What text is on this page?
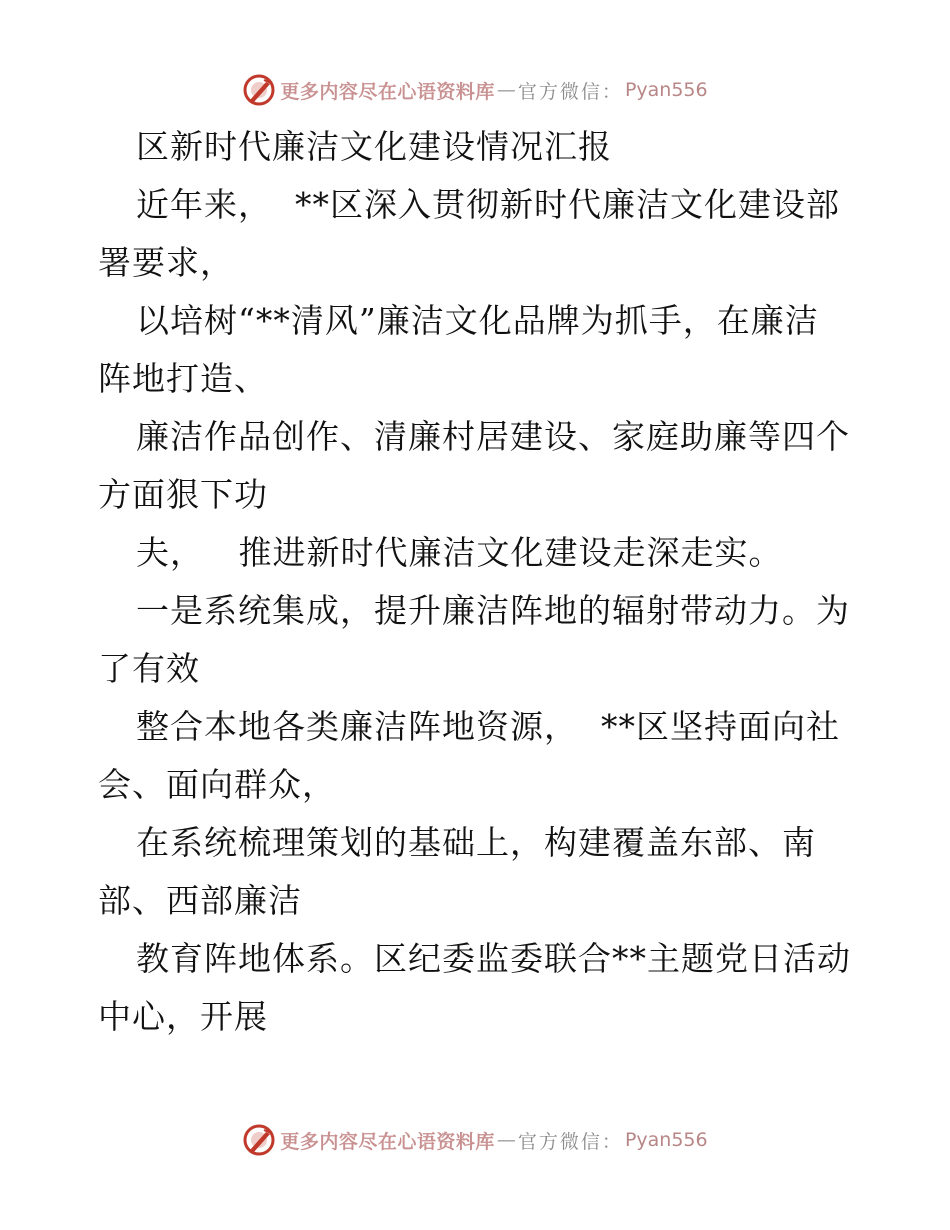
更多内容尽在心语资料库 — 官方微信： Pyan556
区新时代廉洁文化建设情况汇报
近年来，  **区深入贯彻新时代廉洁文化建设部
署要求，
以培树“**清风”廉洁文化品牌为抓手，在廉洁
阵地打造、
廉洁作品创作、清廉村居建设、家庭助廉等四个
方面狠下功
夫，   推进新时代廉洁文化建设走深走实。
一是系统集成，提升廉洁阵地的辐射带动力。为
了有效
整合本地各类廉洁阵地资源，  **区坚持面向社
会、面向群众，
在系统梳理策划的基础上，构建覆盖东部、南
部、西部廉洁
教育阵地体系。区纪委监委联合**主题党日活动
中心，开展
更多内容尽在心语资料库 — 官方微信： Pyan556
